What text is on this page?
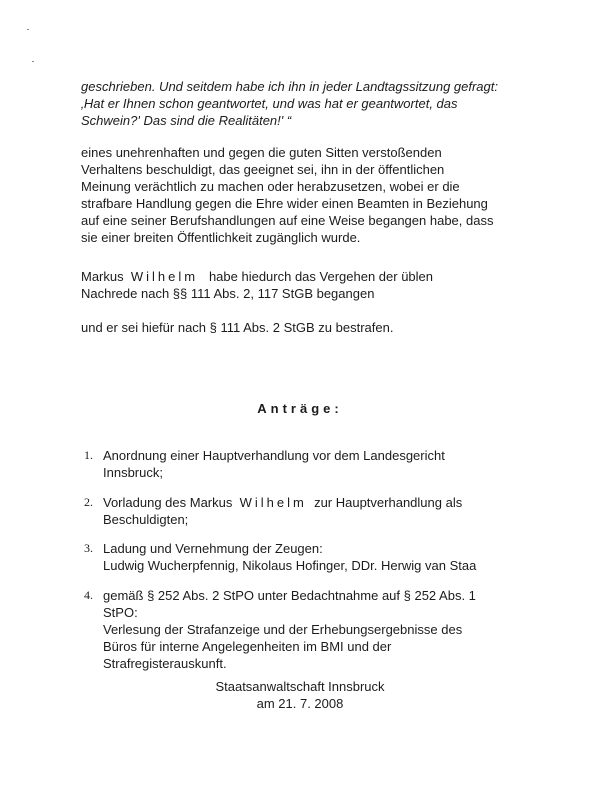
geschrieben. Und seitdem habe ich ihn in jeder Landtagssitzung gefragt:
‚Hat er Ihnen schon geantwortet, und was hat er geantwortet, das
Schwein?' Das sind die Realitäten!' “
eines unehrenhaften und gegen die guten Sitten verstoßenden
Verhaltens beschuldigt, das geeignet sei, ihn in der öffentlichen
Meinung verächtlich zu machen oder herabzusetzen, wobei er die
strafbare Handlung gegen die Ehre wider einen Beamten in Beziehung
auf eine seiner Berufshandlungen auf eine Weise begangen habe, dass
sie einer breiten Öffentlichkeit zugänglich wurde.
Markus Wilhelm habe hiedurch das Vergehen der üblen
Nachrede nach §§ 111 Abs. 2, 117 StGB begangen
und er sei hiefür nach § 111 Abs. 2 StGB zu bestrafen.
Anträge:
1. Anordnung einer Hauptverhandlung vor dem Landesgericht
Innsbruck;
2. Vorladung des Markus Wilhelm zur Hauptverhandlung als
Beschuldigten;
3. Ladung und Vernehmung der Zeugen:
Ludwig Wucherpfennig, Nikolaus Hofinger, DDr. Herwig van Staa
4. gemäß § 252 Abs. 2 StPO unter Bedachtnahme auf § 252 Abs. 1
StPO:
Verlesung der Strafanzeige und der Erhebungsergebnisse des
Büros für interne Angelegenheiten im BMI und der
Strafregisterauskunft.
Staatsanwaltschaft Innsbruck
am 21. 7. 2008
